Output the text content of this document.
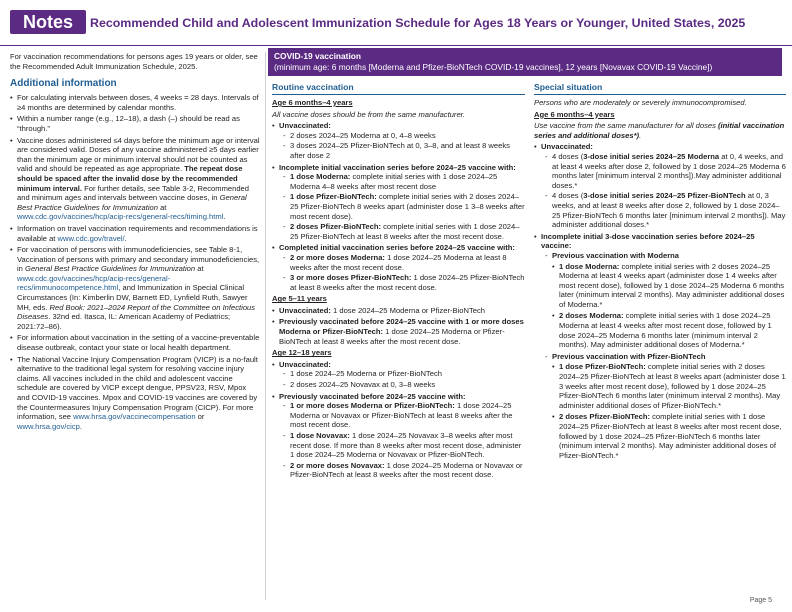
Notes	Recommended Child and Adolescent Immunization Schedule for Ages 18 Years or Younger, United States, 2025

For vaccination recommendations for persons ages 19 years or older, see the Recommended Adult Immunization Schedule, 2025.

Additional information
• For calculating intervals between doses, 4 weeks = 28 days. Intervals of ≥4 months are determined by calendar months.
• Within a number range (e.g., 12–18), a dash (–) should be read as “through.”
• Vaccine doses administered ≤4 days before the minimum age or interval are considered valid. Doses of any vaccine administered ≥5 days earlier than the minimum age or minimum interval should not be counted as valid and should be repeated as age appropriate. The repeat dose should be spaced after the invalid dose by the recommended minimum interval. For further details, see Table 3-2, Recommended and minimum ages and intervals between vaccine doses, in General Best Practice Guidelines for Immunization at www.cdc.gov/vaccines/hcp/acip-recs/general-recs/timing.html.
• Information on travel vaccination requirements and recommendations is available at www.cdc.gov/travel/.
• For vaccination of persons with immunodeficiencies, see Table 8-1, Vaccination of persons with primary and secondary immunodeficiencies, in General Best Practice Guidelines for Immunization at www.cdc.gov/vaccines/hcp/acip-recs/general-recs/immunocompetence.html, and Immunization in Special Clinical Circumstances (In: Kimberlin DW, Barnett ED, Lynfield Ruth, Sawyer MH, eds. Red Book: 2021–2024 Report of the Committee on Infectious Diseases. 32nd ed. Itasca, IL: American Academy of Pediatrics; 2021:72–86).
• For information about vaccination in the setting of a vaccine-preventable disease outbreak, contact your state or local health department.
• The National Vaccine Injury Compensation Program (VICP) is a no-fault alternative to the traditional legal system for resolving vaccine injury claims. All vaccines included in the child and adolescent vaccine schedule are covered by VICP except dengue, PPSV23, RSV, Mpox and COVID-19 vaccines. Mpox and COVID-19 vaccines are covered by the Countermeasures Injury Compensation Program (CICP). For more information, see www.hrsa.gov/vaccinecompensation or www.hrsa.gov/cicp.
COVID-19 vaccination
(minimum age: 6 months [Moderna and Pfizer-BioNTech COVID-19 vaccines], 12 years [Novavax COVID-19 Vaccine])
Routine vaccination
Age 6 months–4 years

All vaccine doses should be from the same manufacturer.

• Unvaccinated:
- 2 doses 2024–25 Moderna at 0, 4–8 weeks
- 3 doses 2024–25 Pfizer-BioNTech at 0, 3–8, and at least 8 weeks after dose 2
• Incomplete initial vaccination series before 2024–25 vaccine with:
- 1 dose Moderna: complete initial series with 1 dose 2024–25 Moderna 4–8 weeks after most recent dose
- 1 dose Pfizer-BioNTech: complete initial series with 2 doses 2024–25 Pfizer-BioNTech 8 weeks apart (administer dose 1 3–8 weeks after most recent dose).
- 2 doses Pfizer-BioNTech: complete initial series with 1 dose 2024–25 Pfizer-BioNTech at least 8 weeks after the most recent dose.
• Completed initial vaccination series before 2024–25 vaccine with:
- 2 or more doses Moderna: 1 dose 2024–25 Moderna at least 8 weeks after the most recent dose.
- 3 or more doses Pfizer-BioNTech: 1 dose 2024–25 Pfizer-BioNTech at least 8 weeks after the most recent dose.
Age 5–11 years
• Unvaccinated: 1 dose 2024–25 Moderna or Pfizer-BioNTech
• Previously vaccinated before 2024–25 vaccine with 1 or more doses Moderna or Pfizer-BioNTech: 1 dose 2024–25 Moderna or Pfizer-BioNTech at least 8 weeks after the most recent dose.
Age 12–18 years
• Unvaccinated:
- 1 dose 2024–25 Moderna or Pfizer-BioNTech
- 2 doses 2024–25 Novavax at 0, 3–8 weeks
• Previously vaccinated before 2024–25 vaccine with:
- 1 or more doses Moderna or Pfizer-BioNTech: 1 dose 2024–25 Moderna or Novavax or Pfizer-BioNTech at least 8 weeks after the most recent dose.
- 1 dose Novavax: 1 dose 2024–25 Novavax 3–8 weeks after most recent dose. If more than 8 weeks after most recent dose, administer 1 dose 2024–25 Moderna or Novavax or Pfizer-BioNTech.
- 2 or more doses Novavax: 1 dose 2024–25 Moderna or Novavax or Pfizer-BioNTech at least 8 weeks after the most recent dose.
Special situation

Persons who are moderately or severely immunocompromised.

Age 6 months–4 years

Use vaccine from the same manufacturer for all doses (initial vaccination series and additional doses*).

• Unvaccinated:
- 4 doses (3-dose initial series 2024–25 Moderna at 0, 4 weeks, and at least 4 weeks after dose 2, followed by 1 dose 2024–25 Moderna 6 months later [minimum interval 2 months]).May administer additional doses.*
- 4 doses (3-dose initial series 2024–25 Pfizer-BioNTech at 0, 3 weeks, and at least 8 weeks after dose 2, followed by 1 dose 2024–25 Pfizer-BioNTech 6 months later [minimum interval 2 months]). May administer additional doses.*
• Incomplete initial 3-dose vaccination series before 2024–25 vaccine:
- Previous vaccination with Moderna
• 1 dose Moderna: complete initial series with 2 doses 2024–25 Moderna at least 4 weeks apart (administer dose 1 4 weeks after most recent dose), followed by 1 dose 2024–25 Moderna 6 months later (minimum interval 2 months). May administer additional doses of Moderna.*
• 2 doses Moderna: complete initial series with 1 dose 2024–25 Moderna at least 4 weeks after most recent dose, followed by 1 dose 2024–25 Moderna 6 months later (minimum interval 2 months). May administer additional doses of Moderna.*
- Previous vaccination with Pfizer-BioNTech
• 1 dose Pfizer-BioNTech: complete initial series with 2 doses 2024–25 Pfizer-BioNTech at least 8 weeks apart (administer dose 1 3 weeks after most recent dose), followed by 1 dose 2024–25 Pfizer-BioNTech 6 months later (minimum interval 2 months). May administer additional doses of Pfizer-BioNTech.*
• 2 doses Pfizer-BioNTech: complete initial series with 1 dose 2024–25 Pfizer-BioNTech at least 8 weeks after most recent dose, followed by 1 dose 2024–25 Pfizer-BioNTech 6 months later (minimum interval 2 months). May administer additional doses of Pfizer-BioNTech.*
Page 5
